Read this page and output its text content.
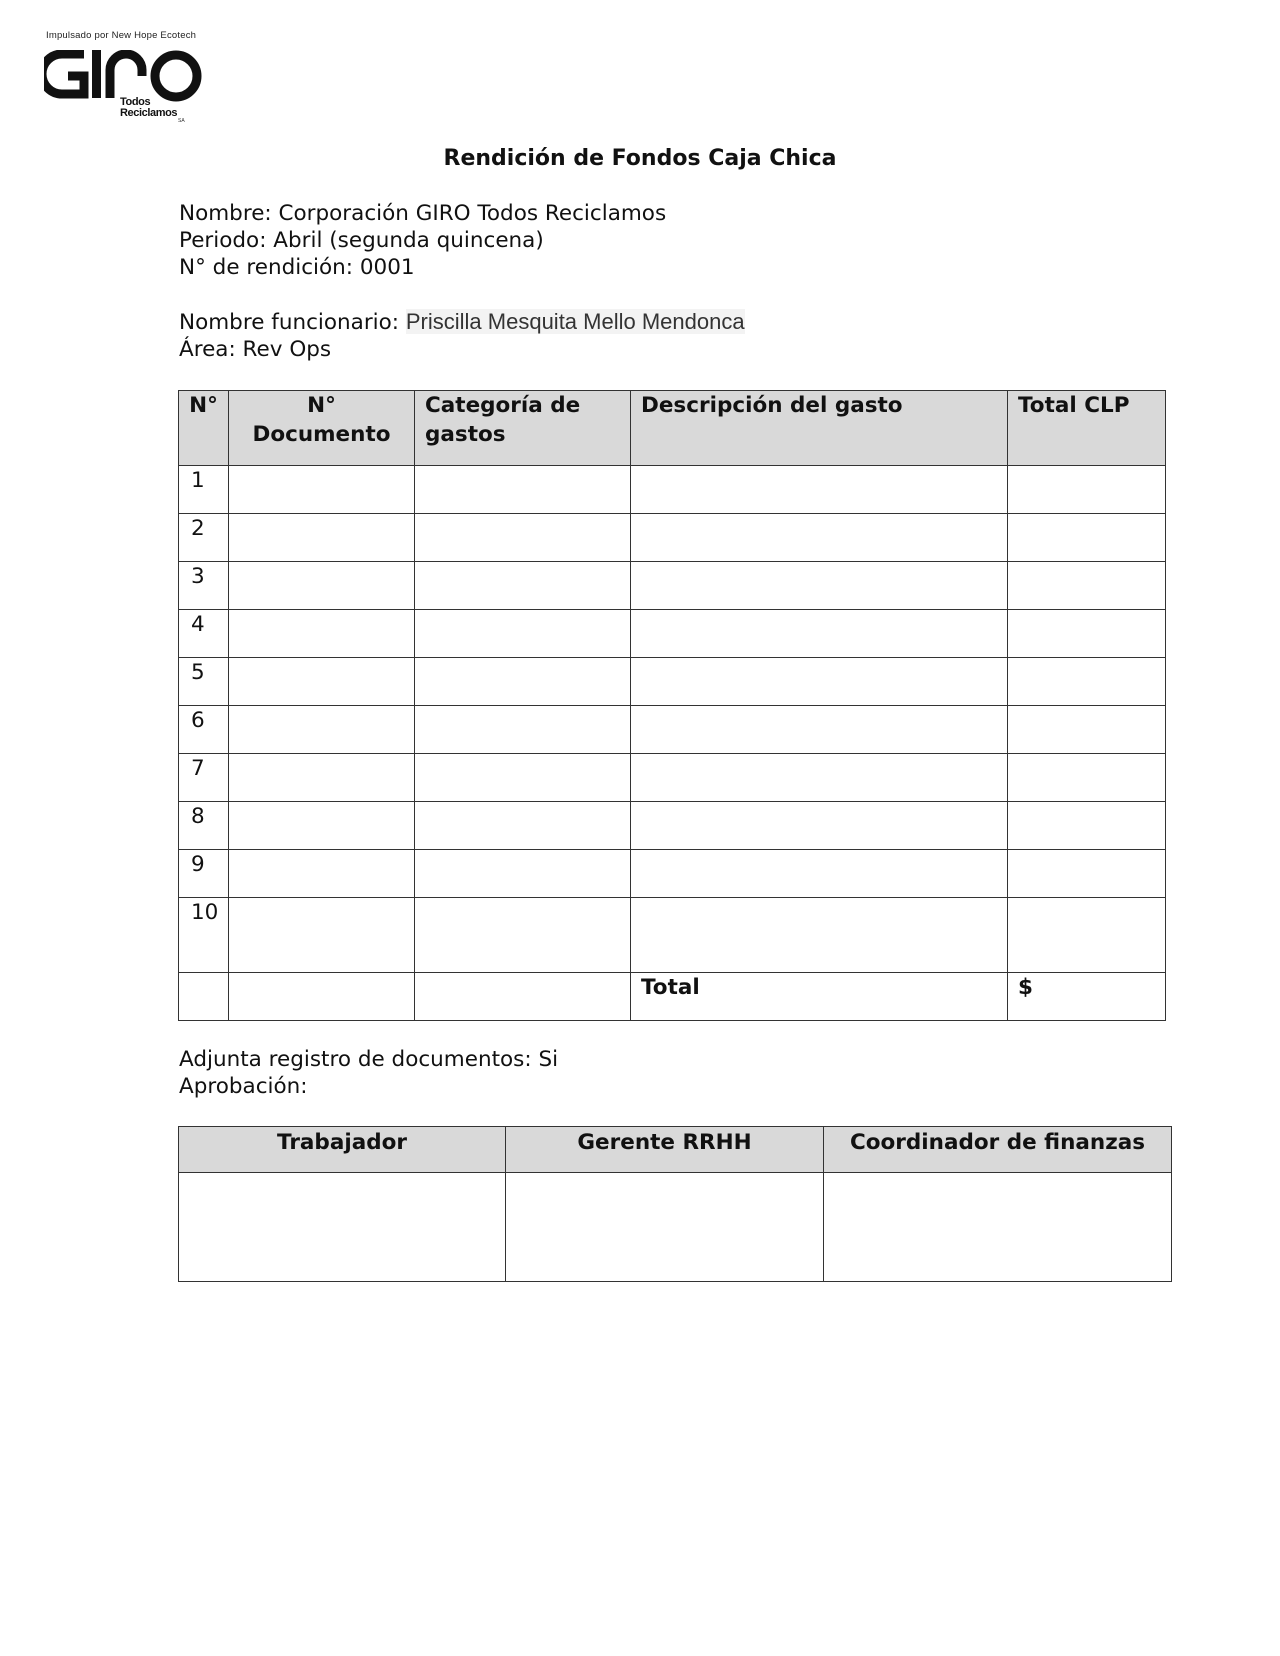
Impulsado por New Hope Ecotech
Todos
Reciclamos
SA
Rendición de Fondos Caja Chica
Nombre: Corporación GIRO Todos Reciclamos
Periodo: Abril (segunda quincena)
N° de rendición: 0001
Nombre funcionario: Priscilla Mesquita Mello Mendonca
Área: Rev Ops
N°	N° Documento	Categoría de gastos	Descripción del gasto	Total CLP
1				
2				
3				
4				
5				
6				
7				
8				
9				
10				
			Total	$
Adjunta registro de documentos: Si
Aprobación:
Trabajador	Gerente RRHH	Coordinador de finanzas
